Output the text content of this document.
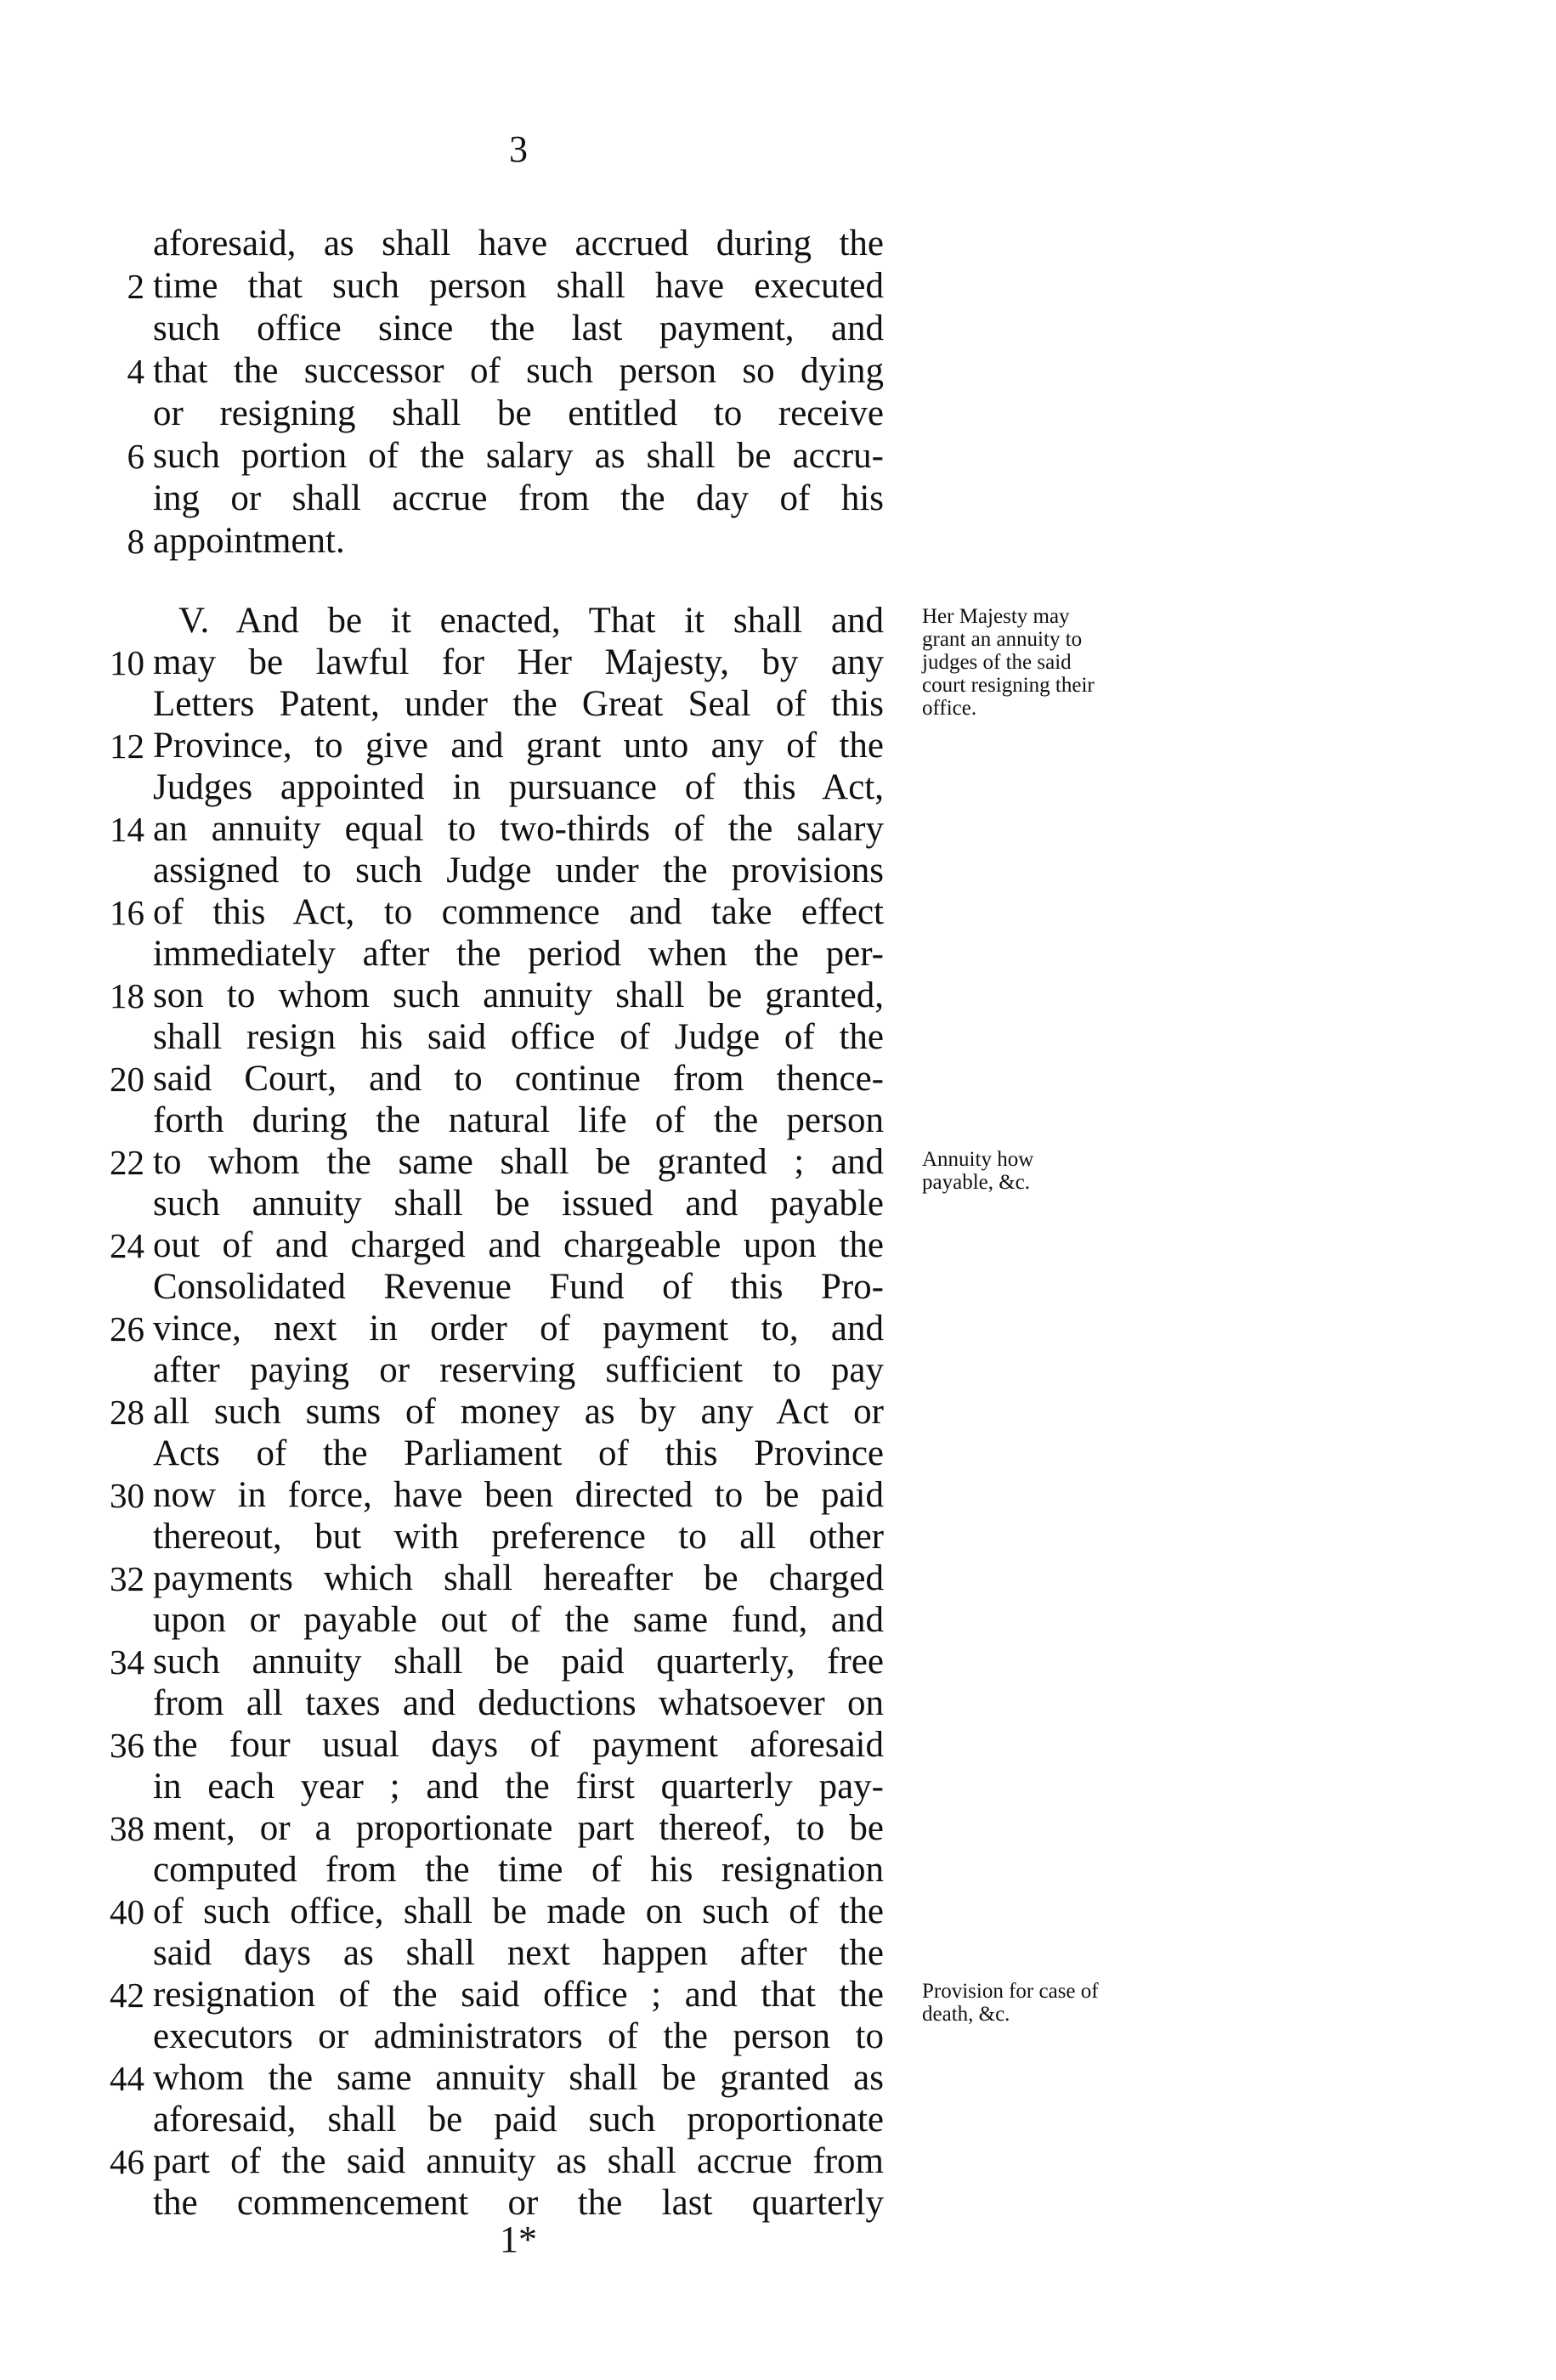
3
aforesaid, as shall have accrued during the
2 time that such person shall have executed
such office since the last payment, and
4 that the successor of such person so dying
or resigning shall be entitled to receive
6 such portion of the salary as shall be accru-
ing or shall accrue from the day of his
8 appointment.
V. And be it enacted, That it shall and
10 may be lawful for Her Majesty, by any
Letters Patent, under the Great Seal of this
12 Province, to give and grant unto any of the
Judges appointed in pursuance of this Act,
14 an annuity equal to two-thirds of the salary
assigned to such Judge under the provisions
16 of this Act, to commence and take effect
immediately after the period when the per-
18 son to whom such annuity shall be granted,
shall resign his said office of Judge of the
20 said Court, and to continue from thence-
forth during the natural life of the person
22 to whom the same shall be granted ; and
such annuity shall be issued and payable
24 out of and charged and chargeable upon the
Consolidated Revenue Fund of this Pro-
26 vince, next in order of payment to, and
after paying or reserving sufficient to pay
28 all such sums of money as by any Act or
Acts of the Parliament of this Province
30 now in force, have been directed to be paid
thereout, but with preference to all other
32 payments which shall hereafter be charged
upon or payable out of the same fund, and
34 such annuity shall be paid quarterly, free
from all taxes and deductions whatsoever on
36 the four usual days of payment aforesaid
in each year ; and the first quarterly pay-
38 ment, or a proportionate part thereof, to be
computed from the time of his resignation
40 of such office, shall be made on such of the
said days as shall next happen after the
42 resignation of the said office ; and that the
executors or administrators of the person to
44 whom the same annuity shall be granted as
aforesaid, shall be paid such proportionate
46 part of the said annuity as shall accrue from
the commencement or the last quarterly
Her Majesty may grant an annuity to judges of the said court resigning their office.
Annuity how payable, &c.
Provision for case of death, &c.
1*
